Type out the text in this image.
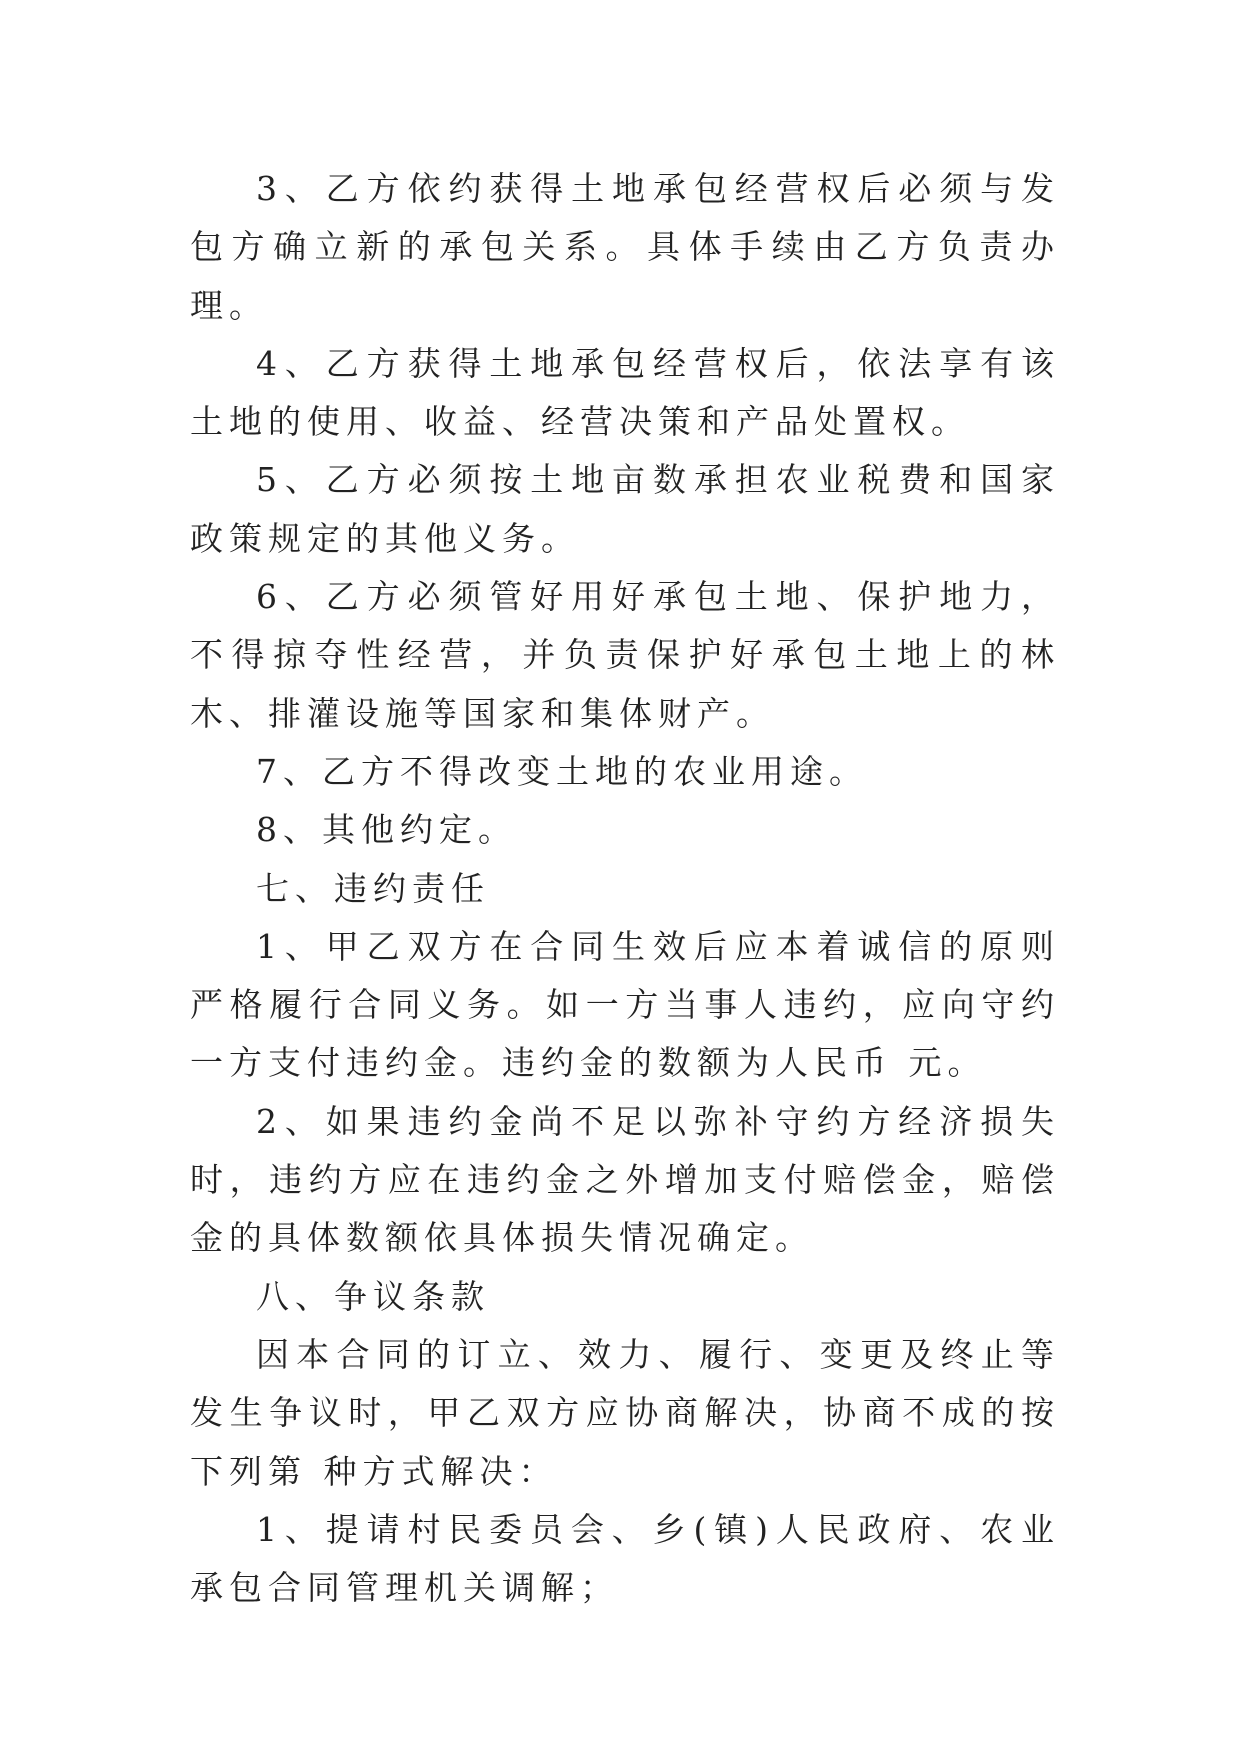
3、乙方依约获得土地承包经营权后必须与发包方确立新的承包关系。具体手续由乙方负责办理。

4、乙方获得土地承包经营权后，依法享有该土地的使用、收益、经营决策和产品处置权。

5、乙方必须按土地亩数承担农业税费和国家政策规定的其他义务。

6、乙方必须管好用好承包土地、保护地力，不得掠夺性经营，并负责保护好承包土地上的林木、排灌设施等国家和集体财产。

7、乙方不得改变土地的农业用途。

8、其他约定。

七、违约责任

1、甲乙双方在合同生效后应本着诚信的原则严格履行合同义务。如一方当事人违约，应向守约一方支付违约金。违约金的数额为人民币 元。

2、如果违约金尚不足以弥补守约方经济损失时，违约方应在违约金之外增加支付赔偿金，赔偿金的具体数额依具体损失情况确定。

八、争议条款

因本合同的订立、效力、履行、变更及终止等发生争议时，甲乙双方应协商解决，协商不成的按下列第 种方式解决：

1、提请村民委员会、乡(镇)人民政府、农业承包合同管理机关调解；
